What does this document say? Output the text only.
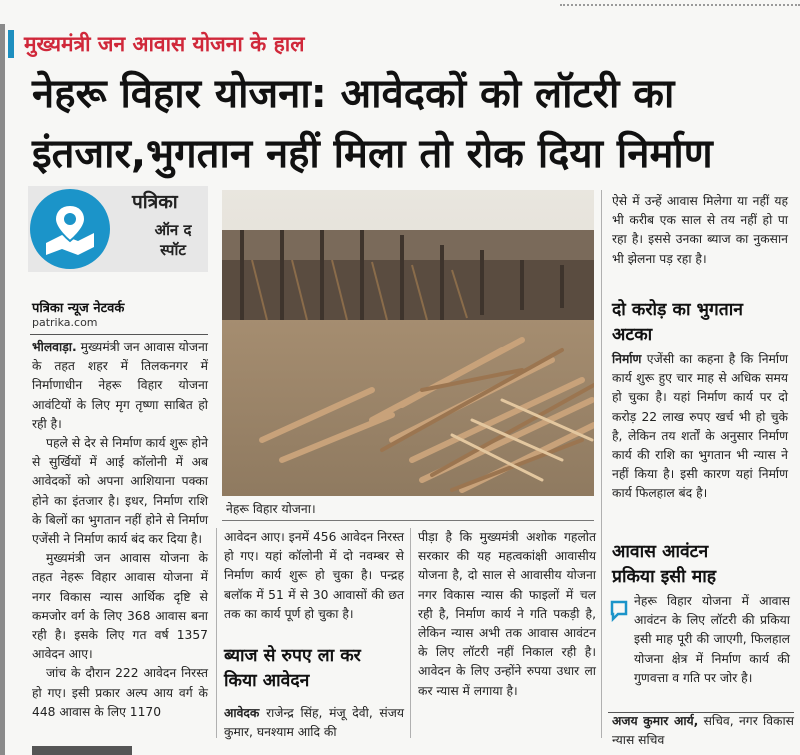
मुख्यमंत्री जन आवास योजना के हाल
नेहरू विहार योजना: आवेदकों को लॉटरी का
इंतजार,भुगतान नहीं मिला तो रोक दिया निर्माण
पत्रिका
ऑन द
स्पॉट
पत्रिका न्यूज नेटवर्क
patrika.com

भीलवाड़ा. मुख्यमंत्री जन आवास योजना के तहत शहर में तिलकनगर में निर्माणाधीन नेहरू विहार योजना आवंटियों के लिए मृग तृष्णा साबित हो रही है।

पहले से देर से निर्माण कार्य शुरू होने से सुर्खियों में आई कॉलोनी में अब आवेदकों को अपना आशियाना पक्का होने का इंतजार है। इधर, निर्माण राशि के बिलों का भुगतान नहीं होने से निर्माण एजेंसी ने निर्माण कार्य बंद कर दिया है।

मुख्यमंत्री जन आवास योजना के तहत नेहरू विहार आवास योजना में नगर विकास न्यास आर्थिक दृष्टि से कमजोर वर्ग के लिए 368 आवास बना रही है। इसके लिए गत वर्ष 1357 आवेदन आए।

जांच के दौरान 222 आवेदन निरस्त हो गए। इसी प्रकार अल्प आय वर्ग के 448 आवास के लिए 1170

नेहरू विहार योजना।

आवेदन आए। इनमें 456 आवेदन निरस्त हो गए। यहां कॉलोनी में दो नवम्बर से निर्माण कार्य शुरू हो चुका है। पन्द्रह बलॉक में 51 में से 30 आवासों की छत तक का कार्य पूर्ण हो चुका है।

ब्याज से रुपए ला कर
किया आवेदन

आवेदक राजेन्द्र सिंह, मंजू देवी, संजय कुमार, घनश्याम आदि की

पीड़ा है कि मुख्यमंत्री अशोक गहलोत सरकार की यह महत्वकांक्षी आवासीय योजना है, दो साल से आवासीय योजना नगर विकास न्यास की फाइलों में चल रही है, निर्माण कार्य ने गति पकड़ी है, लेकिन न्यास अभी तक आवास आवंटन के लिए लॉटरी नहीं निकाल रही है। आवेदन के लिए उन्होंने रुपया उधार ला कर न्यास में लगाया है।

ऐसे में उन्हें आवास मिलेगा या नहीं यह भी करीब एक साल से तय नहीं हो पा रहा है। इससे उनका ब्याज का नुकसान भी झेलना पड़ रहा है।

दो करोड़ का भुगतान
अटका

निर्माण एजेंसी का कहना है कि निर्माण कार्य शुरू हुए चार माह से अधिक समय हो चुका है। यहां निर्माण कार्य पर दो करोड़ 22 लाख रुपए खर्च भी हो चुके है, लेकिन तय शर्तों के अनुसार निर्माण कार्य की राशि का भुगतान भी न्यास ने नहीं किया है। इसी कारण यहां निर्माण कार्य फिलहाल बंद है।

आवास आवंटन
प्रकिया इसी माह

नेहरू विहार योजना में आवास आवंटन के लिए लॉटरी की प्रकिया इसी माह पूरी की जाएगी, फिलहाल योजना क्षेत्र में निर्माण कार्य की गुणवत्ता व गति पर जोर है।

अजय कुमार आर्य, सचिव, नगर विकास न्यास सचिव
